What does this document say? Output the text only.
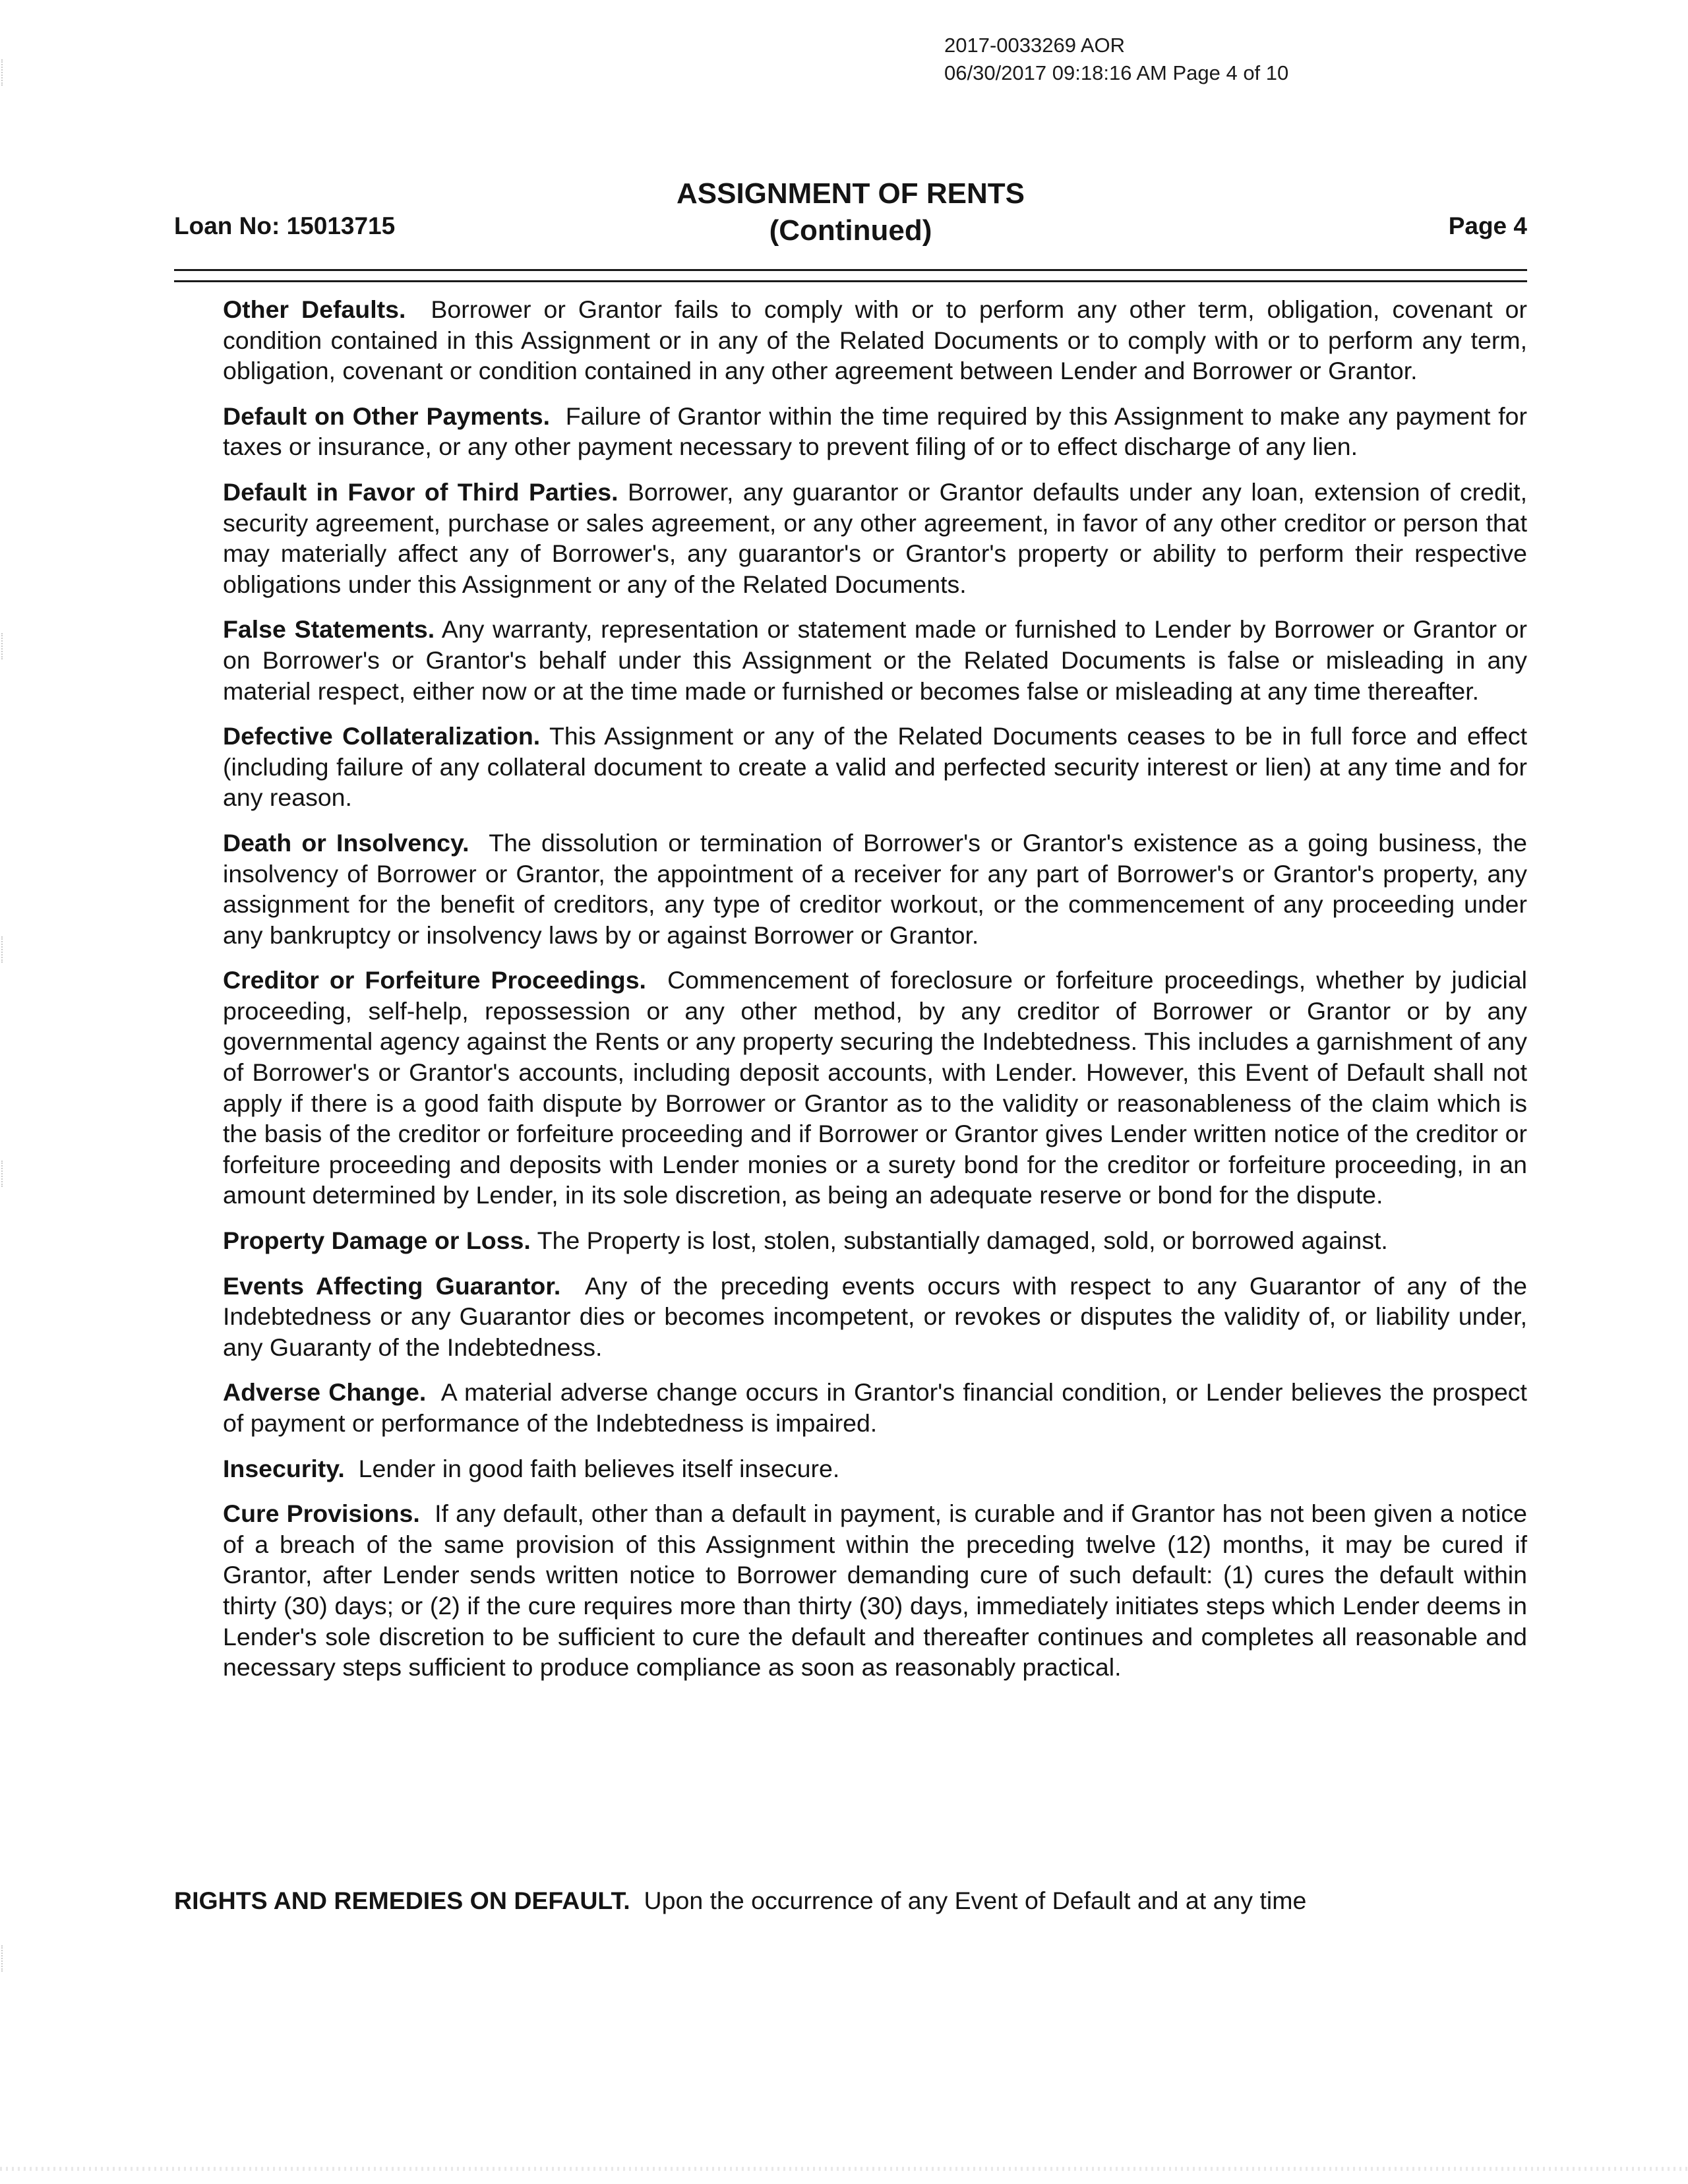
2017-0033269 AOR
06/30/2017 09:18:16 AM Page 4 of 10
Loan No: 15013715
ASSIGNMENT OF RENTS
(Continued)	Page 4

Other Defaults. Borrower or Grantor fails to comply with or to perform any other term, obligation, covenant or condition contained in this Assignment or in any of the Related Documents or to comply with or to perform any term, obligation, covenant or condition contained in any other agreement between Lender and Borrower or Grantor.

Default on Other Payments. Failure of Grantor within the time required by this Assignment to make any payment for taxes or insurance, or any other payment necessary to prevent filing of or to effect discharge of any lien.

Default in Favor of Third Parties. Borrower, any guarantor or Grantor defaults under any loan, extension of credit, security agreement, purchase or sales agreement, or any other agreement, in favor of any other creditor or person that may materially affect any of Borrower's, any guarantor's or Grantor's property or ability to perform their respective obligations under this Assignment or any of the Related Documents.

False Statements. Any warranty, representation or statement made or furnished to Lender by Borrower or Grantor or on Borrower's or Grantor's behalf under this Assignment or the Related Documents is false or misleading in any material respect, either now or at the time made or furnished or becomes false or misleading at any time thereafter.

Defective Collateralization. This Assignment or any of the Related Documents ceases to be in full force and effect (including failure of any collateral document to create a valid and perfected security interest or lien) at any time and for any reason.

Death or Insolvency. The dissolution or termination of Borrower's or Grantor's existence as a going business, the insolvency of Borrower or Grantor, the appointment of a receiver for any part of Borrower's or Grantor's property, any assignment for the benefit of creditors, any type of creditor workout, or the commencement of any proceeding under any bankruptcy or insolvency laws by or against Borrower or Grantor.

Creditor or Forfeiture Proceedings. Commencement of foreclosure or forfeiture proceedings, whether by judicial proceeding, self-help, repossession or any other method, by any creditor of Borrower or Grantor or by any governmental agency against the Rents or any property securing the Indebtedness. This includes a garnishment of any of Borrower's or Grantor's accounts, including deposit accounts, with Lender. However, this Event of Default shall not apply if there is a good faith dispute by Borrower or Grantor as to the validity or reasonableness of the claim which is the basis of the creditor or forfeiture proceeding and if Borrower or Grantor gives Lender written notice of the creditor or forfeiture proceeding and deposits with Lender monies or a surety bond for the creditor or forfeiture proceeding, in an amount determined by Lender, in its sole discretion, as being an adequate reserve or bond for the dispute.

Property Damage or Loss. The Property is lost, stolen, substantially damaged, sold, or borrowed against.

Events Affecting Guarantor. Any of the preceding events occurs with respect to any Guarantor of any of the Indebtedness or any Guarantor dies or becomes incompetent, or revokes or disputes the validity of, or liability under, any Guaranty of the Indebtedness.

Adverse Change. A material adverse change occurs in Grantor's financial condition, or Lender believes the prospect of payment or performance of the Indebtedness is impaired.

Insecurity. Lender in good faith believes itself insecure.

Cure Provisions. If any default, other than a default in payment, is curable and if Grantor has not been given a notice of a breach of the same provision of this Assignment within the preceding twelve (12) months, it may be cured if Grantor, after Lender sends written notice to Borrower demanding cure of such default: (1) cures the default within thirty (30) days; or (2) if the cure requires more than thirty (30) days, immediately initiates steps which Lender deems in Lender's sole discretion to be sufficient to cure the default and thereafter continues and completes all reasonable and necessary steps sufficient to produce compliance as soon as reasonably practical.

RIGHTS AND REMEDIES ON DEFAULT. Upon the occurrence of any Event of Default and at any time
